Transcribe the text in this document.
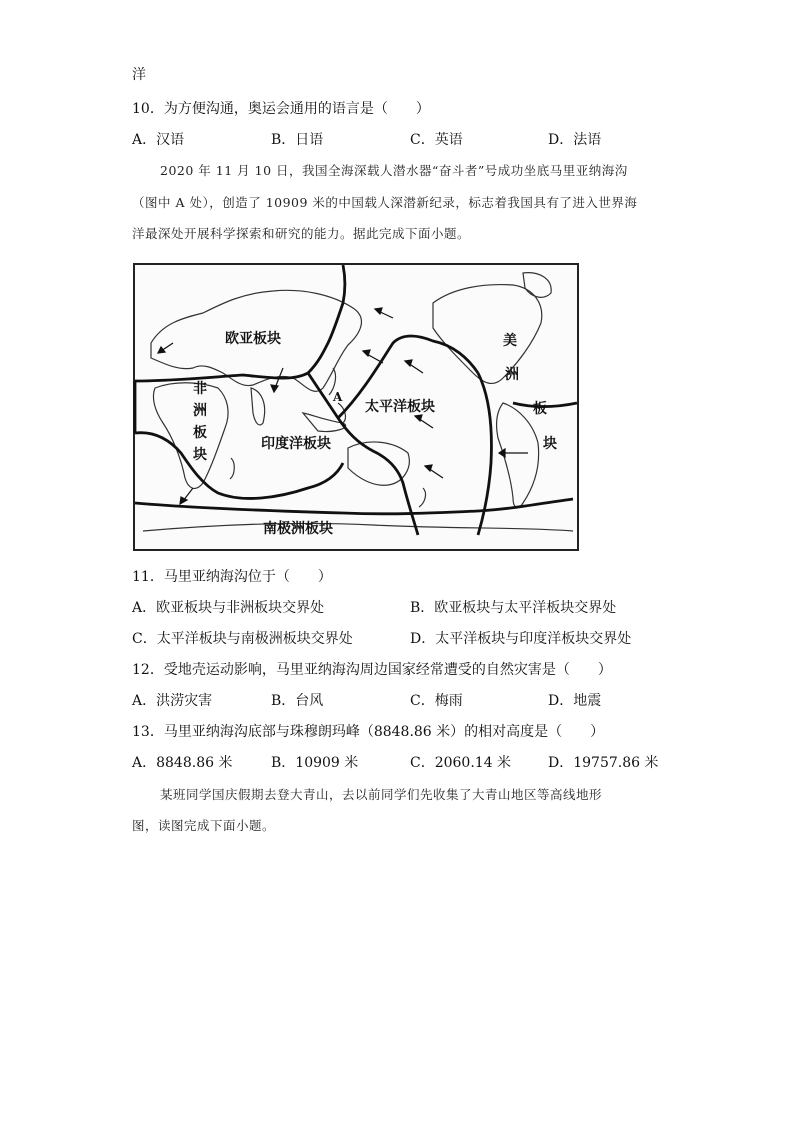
洋
10．为方便沟通，奥运会通用的语言是（　　）
A．汉语	B．日语	C．英语	D．法语
2020 年 11 月 10 日，我国全海深载人潜水器“奋斗者”号成功坐底马里亚纳海沟
（图中 A 处），创造了 10909 米的中国载人深潜新纪录，标志着我国具有了进入世界海
洋最深处开展科学探索和研究的能力。据此完成下面小题。
欧亚板块
非
洲
板
块
太平洋板块
印度洋板块
南极洲板块
美
洲
板
块
A
11．马里亚纳海沟位于（　　）
A．欧亚板块与非洲板块交界处	B．欧亚板块与太平洋板块交界处
C．太平洋板块与南极洲板块交界处	D．太平洋板块与印度洋板块交界处
12．受地壳运动影响，马里亚纳海沟周边国家经常遭受的自然灾害是（　　）
A．洪涝灾害	B．台风	C．梅雨	D．地震
13．马里亚纳海沟底部与珠穆朗玛峰（8848.86 米）的相对高度是（　　）
A．8848.86 米	B．10909 米	C．2060.14 米	D．19757.86 米
某班同学国庆假期去登大青山，去以前同学们先收集了大青山地区等高线地形
图，读图完成下面小题。
